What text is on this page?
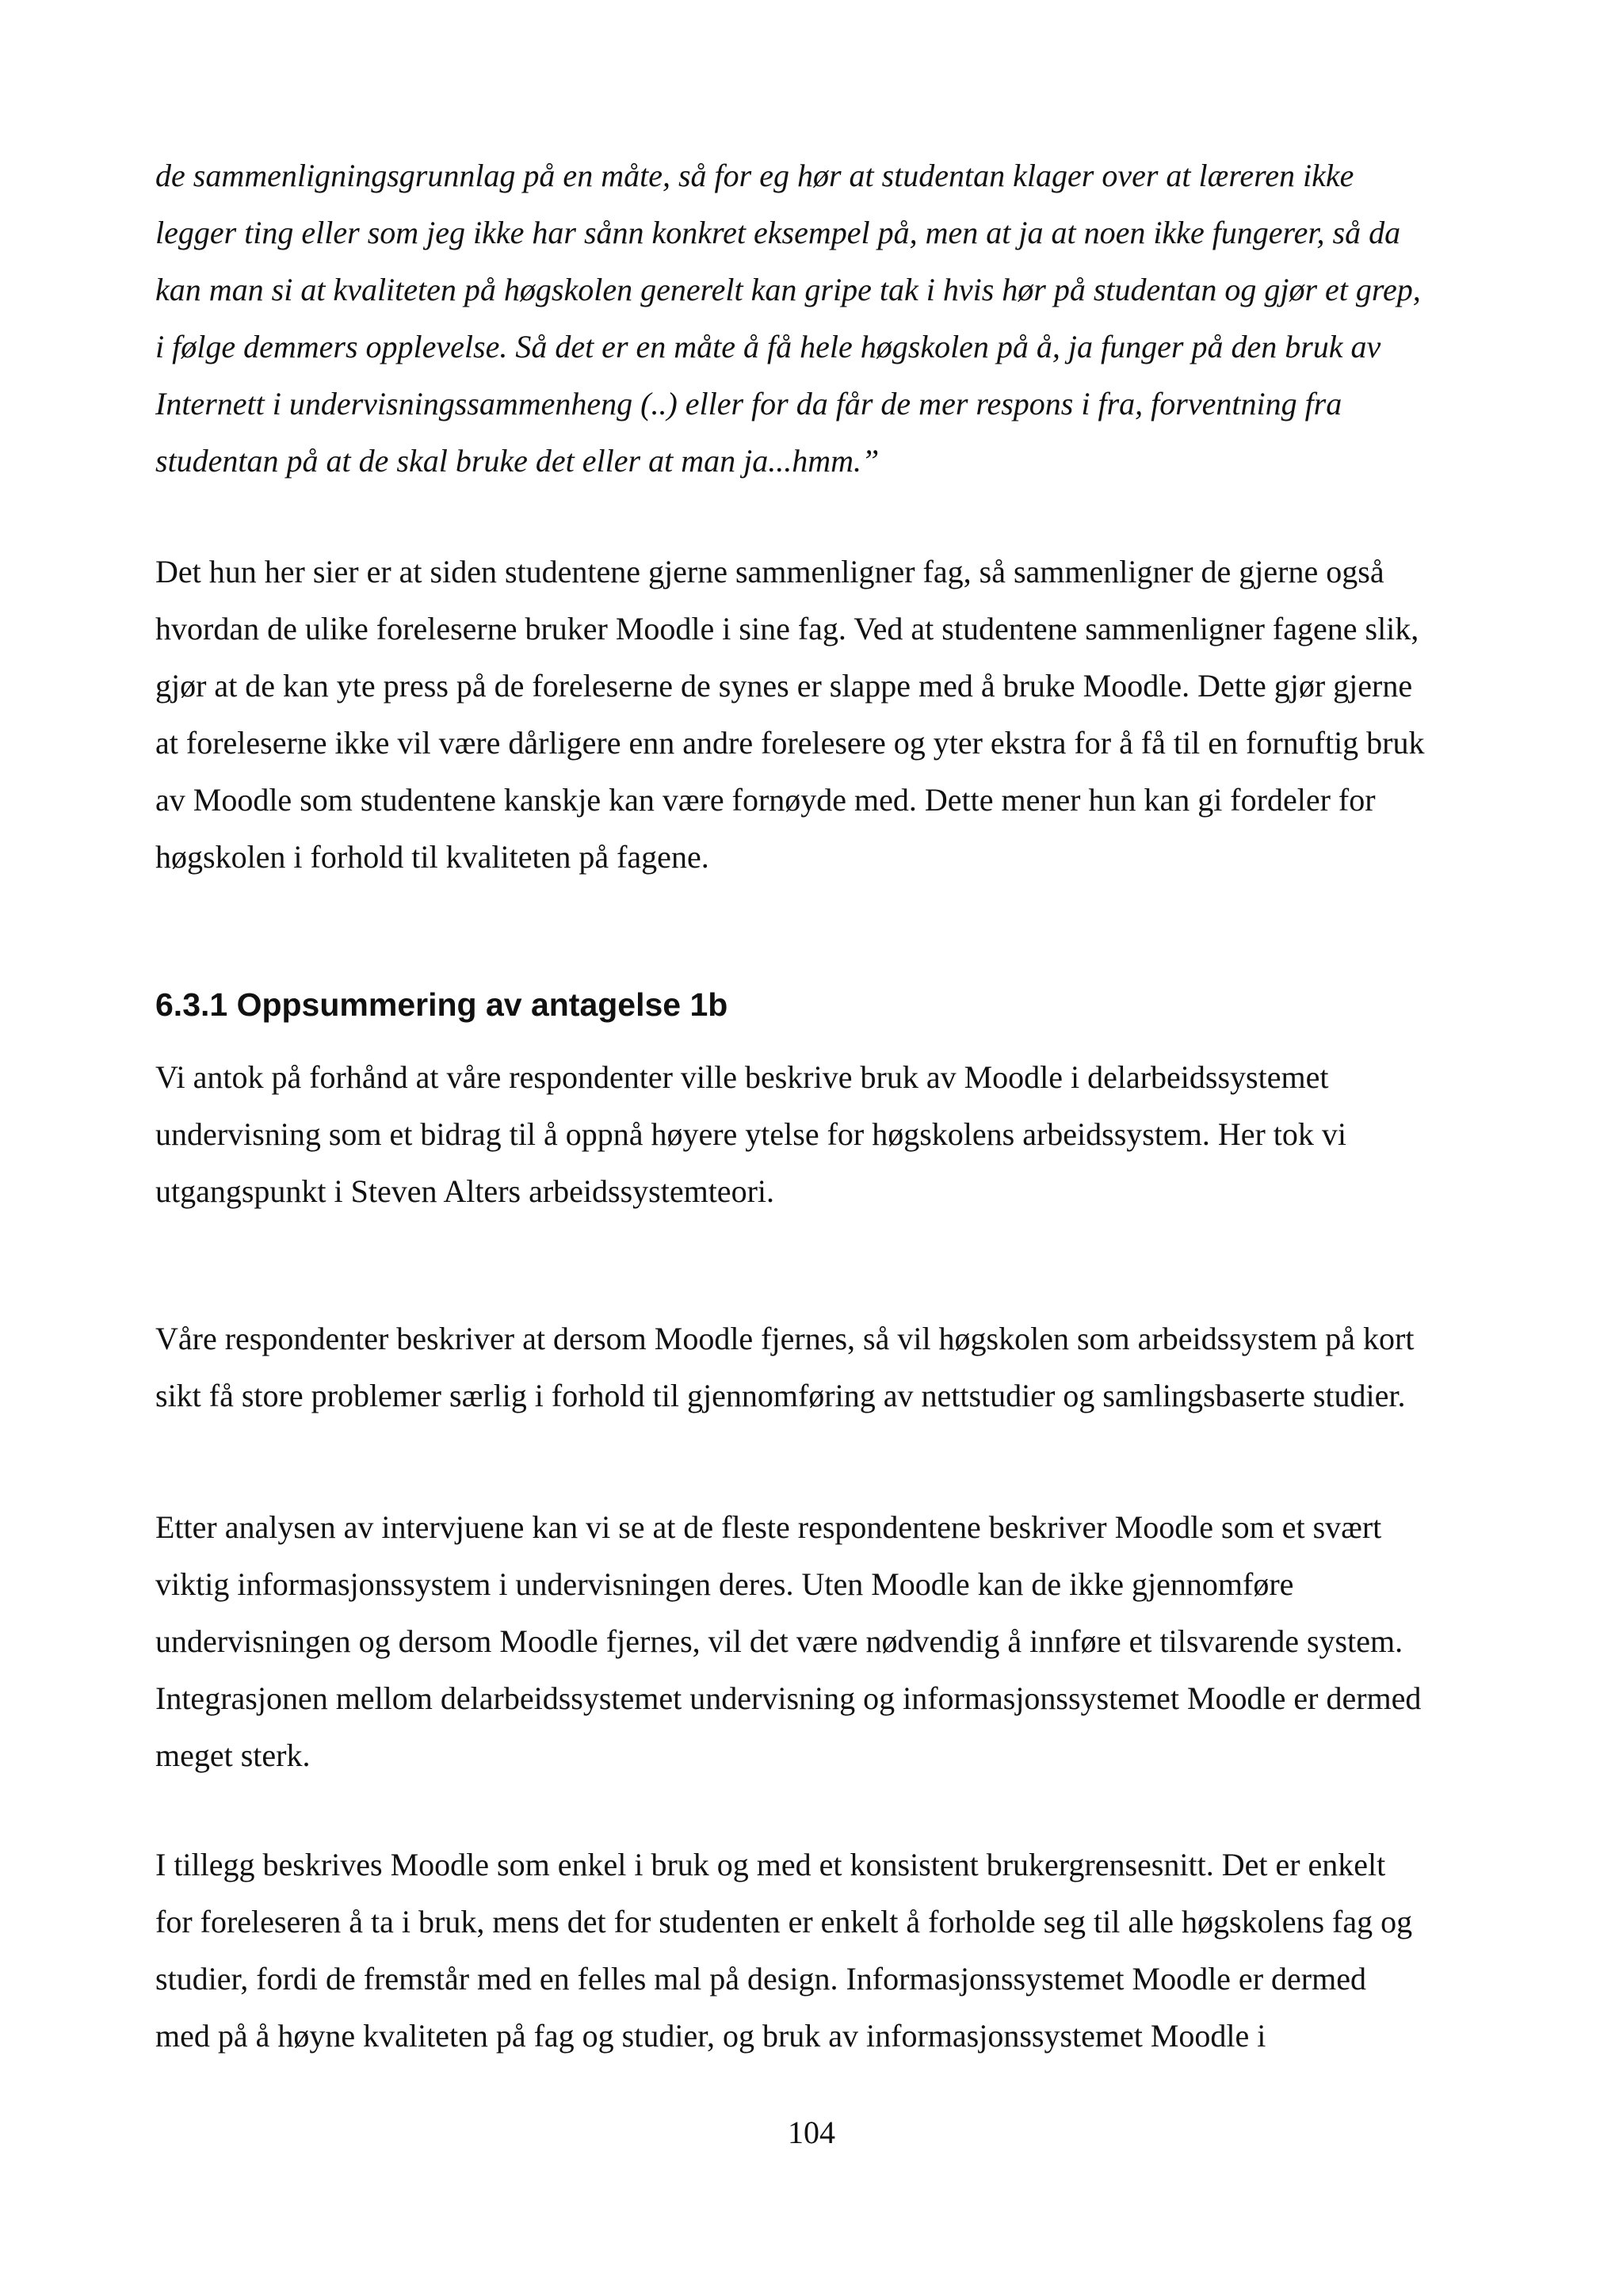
de sammenligningsgrunnlag på en måte, så for eg hør at studentan klager over at læreren ikke
legger ting eller som jeg ikke har sånn konkret eksempel på, men at ja at noen ikke fungerer, så da
kan man si at kvaliteten på høgskolen generelt kan gripe tak i hvis hør på studentan og gjør et grep,
i følge demmers opplevelse. Så det er en måte å få hele høgskolen på å, ja funger på den bruk av
Internett i undervisningssammenheng (..) eller for da får de mer respons i fra, forventning fra
studentan på at de skal bruke det eller at man ja...hmm.”

Det hun her sier er at siden studentene gjerne sammenligner fag, så sammenligner de gjerne også
hvordan de ulike foreleserne bruker Moodle i sine fag. Ved at studentene sammenligner fagene slik,
gjør at de kan yte press på de foreleserne de synes er slappe med å bruke Moodle. Dette gjør gjerne
at foreleserne ikke vil være dårligere enn andre forelesere og yter ekstra for å få til en fornuftig bruk
av Moodle som studentene kanskje kan være fornøyde med. Dette mener hun kan gi fordeler for
høgskolen i forhold til kvaliteten på fagene.

6.3.1 Oppsummering av antagelse 1b

Vi antok på forhånd at våre respondenter ville beskrive bruk av Moodle i delarbeidssystemet
undervisning som et bidrag til å oppnå høyere ytelse for høgskolens arbeidssystem. Her tok vi
utgangspunkt i Steven Alters arbeidssystemteori.

Våre respondenter beskriver at dersom Moodle fjernes, så vil høgskolen som arbeidssystem på kort
sikt få store problemer særlig i forhold til gjennomføring av nettstudier og samlingsbaserte studier.

Etter analysen av intervjuene kan vi se at de fleste respondentene beskriver Moodle som et svært
viktig informasjonssystem i undervisningen deres. Uten Moodle kan de ikke gjennomføre
undervisningen og dersom Moodle fjernes, vil det være nødvendig å innføre et tilsvarende system.
Integrasjonen mellom delarbeidssystemet undervisning og informasjonssystemet Moodle er dermed
meget sterk.

I tillegg beskrives Moodle som enkel i bruk og med et konsistent brukergrensesnitt. Det er enkelt
for foreleseren å ta i bruk, mens det for studenten er enkelt å forholde seg til alle høgskolens fag og
studier, fordi de fremstår med en felles mal på design. Informasjonssystemet Moodle er dermed
med på å høyne kvaliteten på fag og studier, og bruk av informasjonssystemet Moodle i

104
